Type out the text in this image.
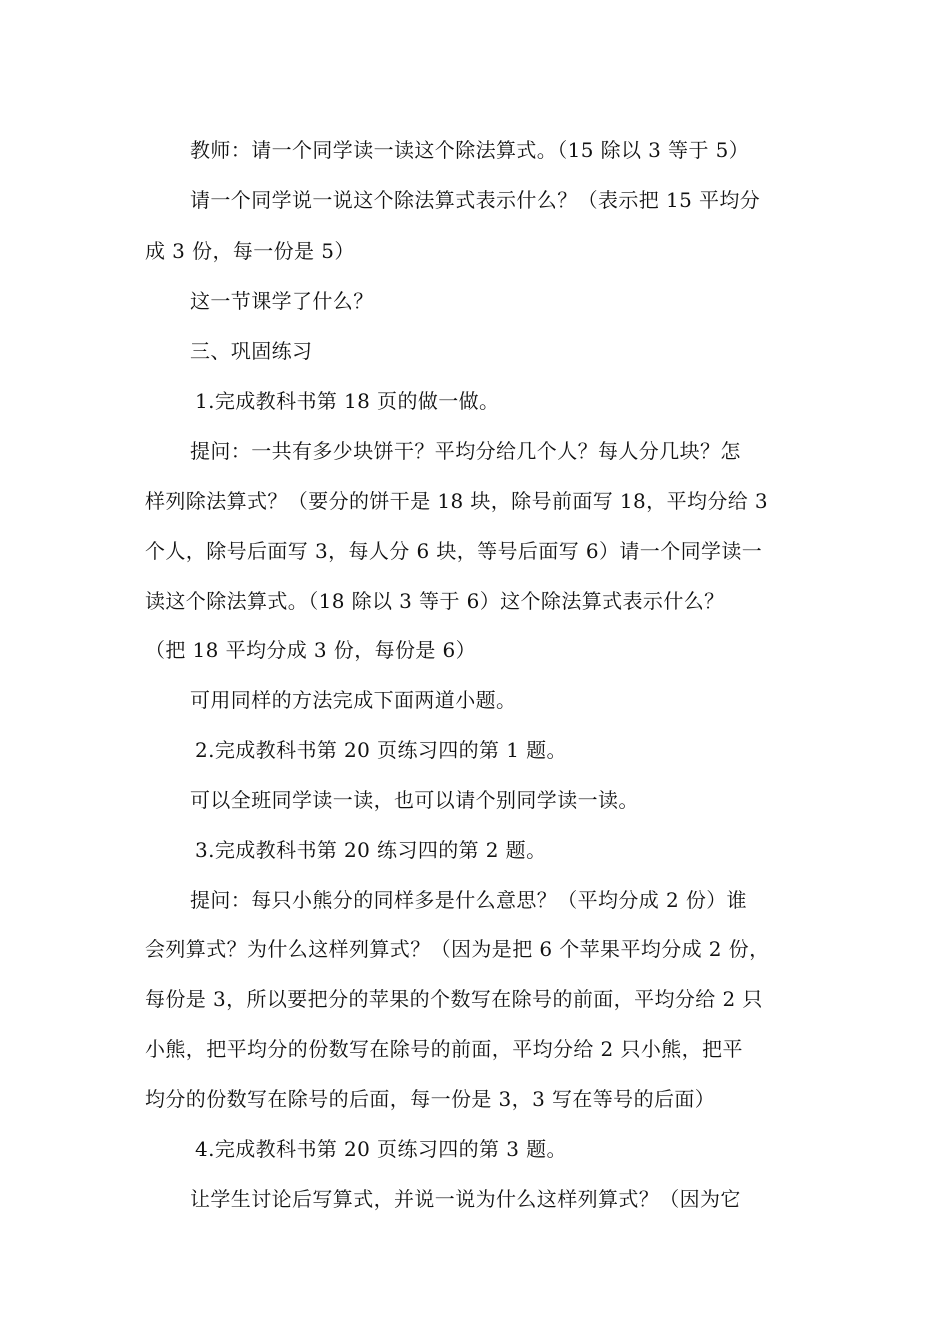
教师：请一个同学读一读这个除法算式。（15 除以 3 等于 5）
请一个同学说一说这个除法算式表示什么？（表示把 15 平均分
成 3 份，每一份是 5）
这一节课学了什么？
三、巩固练习
1.完成教科书第 18 页的做一做。
提问：一共有多少块饼干？平均分给几个人？每人分几块？怎
样列除法算式？（要分的饼干是 18 块，除号前面写 18，平均分给 3
个人，除号后面写 3，每人分 6 块，等号后面写 6）请一个同学读一
读这个除法算式。（18 除以 3 等于 6）这个除法算式表示什么？
（把 18 平均分成 3 份，每份是 6）
可用同样的方法完成下面两道小题。
2.完成教科书第 20 页练习四的第 1 题。
可以全班同学读一读，也可以请个别同学读一读。
3.完成教科书第 20 练习四的第 2 题。
提问：每只小熊分的同样多是什么意思？（平均分成 2 份）谁
会列算式？为什么这样列算式？（因为是把 6 个苹果平均分成 2 份，
每份是 3，所以要把分的苹果的个数写在除号的前面，平均分给 2 只
小熊，把平均分的份数写在除号的前面，平均分给 2 只小熊，把平
均分的份数写在除号的后面，每一份是 3，3 写在等号的后面）
4.完成教科书第 20 页练习四的第 3 题。
让学生讨论后写算式，并说一说为什么这样列算式？（因为它
